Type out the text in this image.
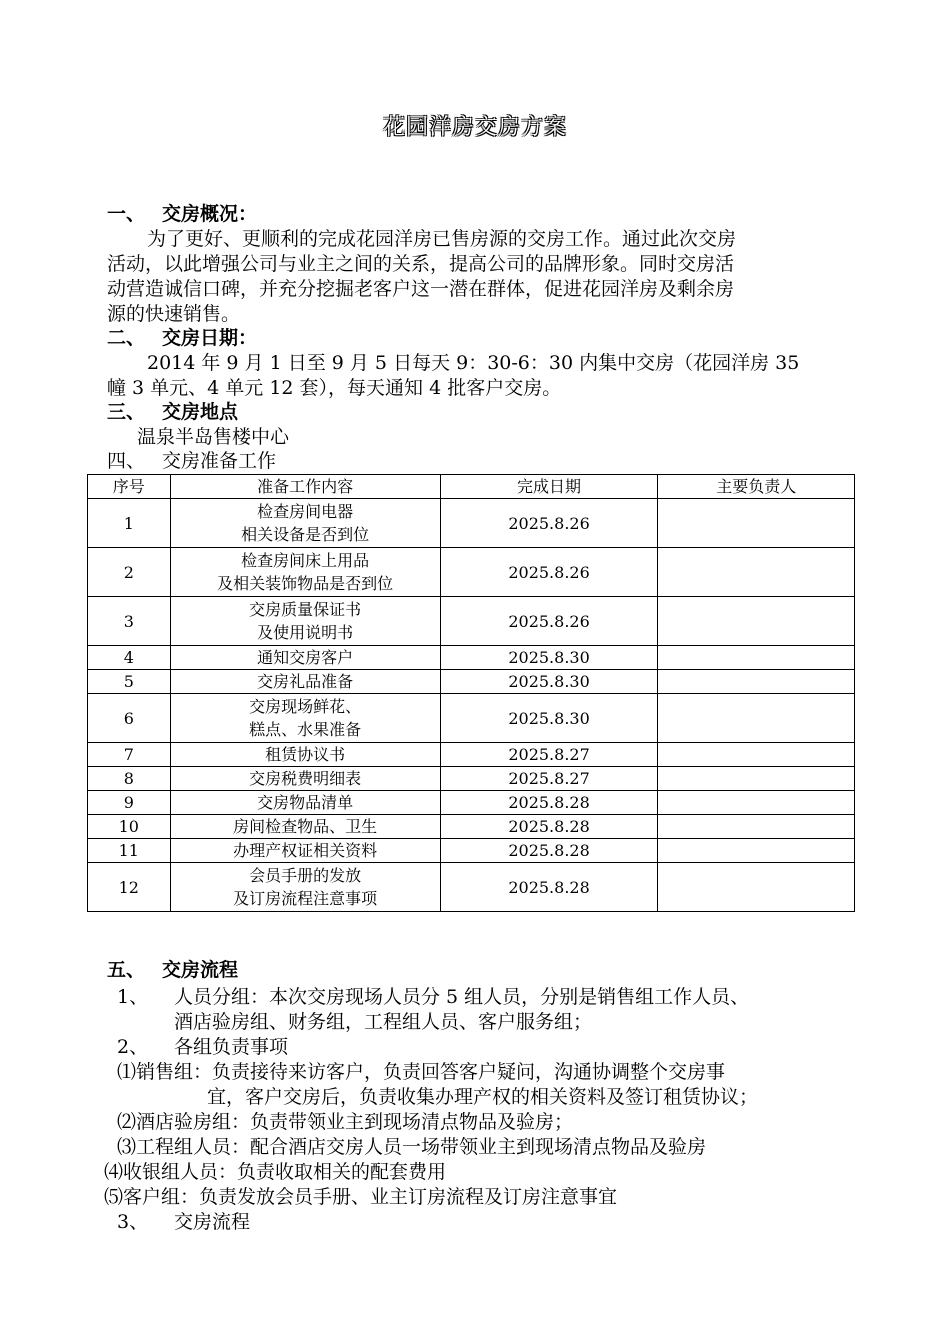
花园洋房交房方案
一、 交房概况：
为了更好、更顺利的完成花园洋房已售房源的交房工作。通过此次交房
活动，以此增强公司与业主之间的关系，提高公司的品牌形象。同时交房活
动营造诚信口碑，并充分挖掘老客户这一潜在群体，促进花园洋房及剩余房
源的快速销售。
二、 交房日期：
2014 年 9 月 1 日至 9 月 5 日每天 9：30-6：30 内集中交房（花园洋房 35
幢 3 单元、4 单元 12 套），每天通知 4 批客户交房。
三、 交房地点
温泉半岛售楼中心
四、 交房准备工作
序号	准备工作内容	完成日期	主要负责人
1	检查房间电器
相关设备是否到位	2025.8.26	
2	检查房间床上用品
及相关装饰物品是否到位	2025.8.26	
3	交房质量保证书
及使用说明书	2025.8.26	
4	通知交房客户	2025.8.30	
5	交房礼品准备	2025.8.30	
6	交房现场鲜花、
糕点、水果准备	2025.8.30	
7	租赁协议书	2025.8.27	
8	交房税费明细表	2025.8.27	
9	交房物品清单	2025.8.28	
10	房间检查物品、卫生	2025.8.28	
11	办理产权证相关资料	2025.8.28	
12	会员手册的发放
及订房流程注意事项	2025.8.28	
五、 交房流程
1、 人员分组：本次交房现场人员分 5 组人员，分别是销售组工作人员、
酒店验房组、财务组，工程组人员、客户服务组；
2、 各组负责事项
⑴销售组：负责接待来访客户，负责回答客户疑问，沟通协调整个交房事
宜，客户交房后，负责收集办理产权的相关资料及签订租赁协议；
⑵酒店验房组：负责带领业主到现场清点物品及验房；
⑶工程组人员：配合酒店交房人员一场带领业主到现场清点物品及验房
⑷收银组人员：负责收取相关的配套费用
⑸客户组：负责发放会员手册、业主订房流程及订房注意事宜
3、 交房流程
